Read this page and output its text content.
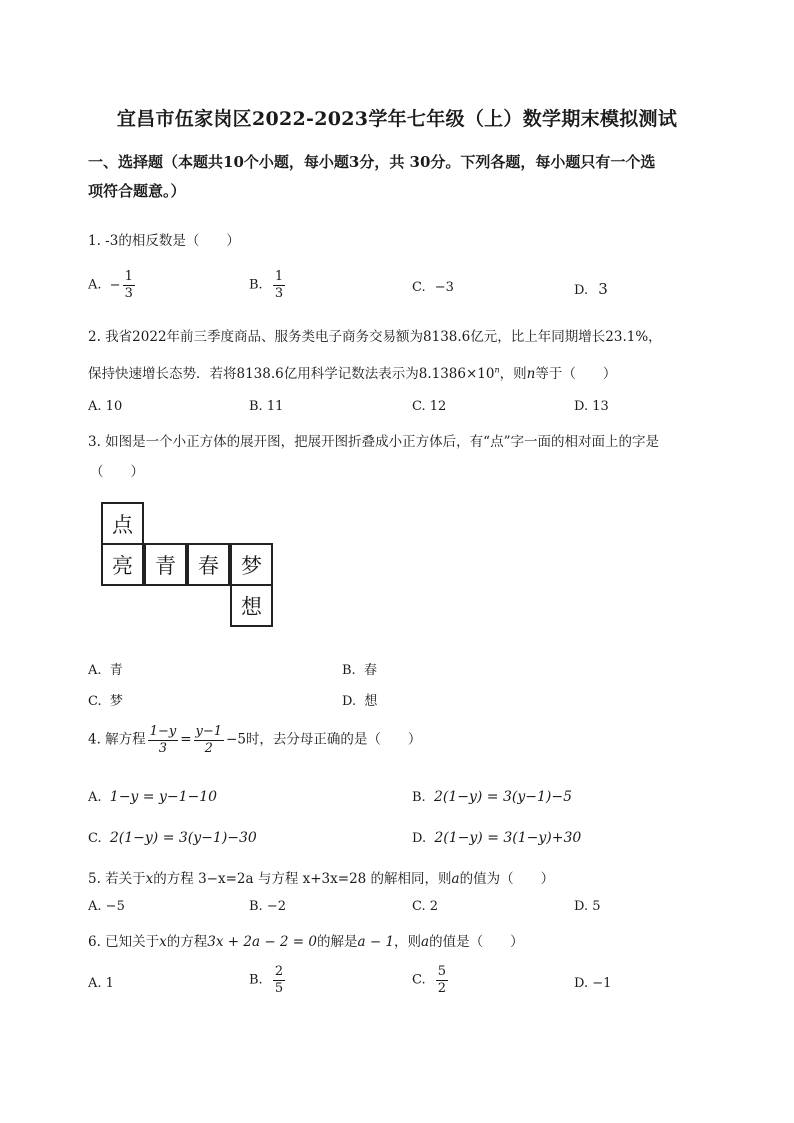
宜昌市伍家岗区2022-2023学年七年级（上）数学期末模拟测试
一、选择题（本题共10个小题，每小题3分，共 30分。下列各题，每小题只有一个选
项符合题意。）
1. -3的相反数是（　　）
A. − $\frac{1}{3}$	B. $\frac{1}{3}$	C. −3	D. 3
2. 我省2022年前三季度商品、服务类电子商务交易额为8138.6亿元，比上年同期增长23.1%，
保持快速增长态势．若将8138.6亿用科学记数法表示为$8.1386\times 10^n$，则n等于（　　）
A. 10	B. 11	C. 12	D. 13
3. 如图是一个小正方体的展开图，把展开图折叠成小正方体后，有“点”字一面的相对面上的字是
（　　）
点
亮	青	春	梦
想
A. 青	B. 春
C. 梦	D. 想
4. 解方程 $\frac{1-y}{3} = \frac{y-1}{2} -5$时，去分母正确的是（　　）
A. 1−y = y−1−10	B. 2(1−y) = 3(y−1)−5
C. 2(1−y) = 3(y−1)−30	D. 2(1−y) = 3(1−y)+30
5. 若关于x的方程 3−x=2a 与方程 x+3x=28 的解相同，则a的值为（　　）
A. −5	B. −2	C. 2	D. 5
6. 已知关于x的方程3x + 2a − 2 = 0的解是a − 1，则a的值是（　　）
A. 1	B. $\frac{2}{5}$	C. $\frac{5}{2}$	D. −1
